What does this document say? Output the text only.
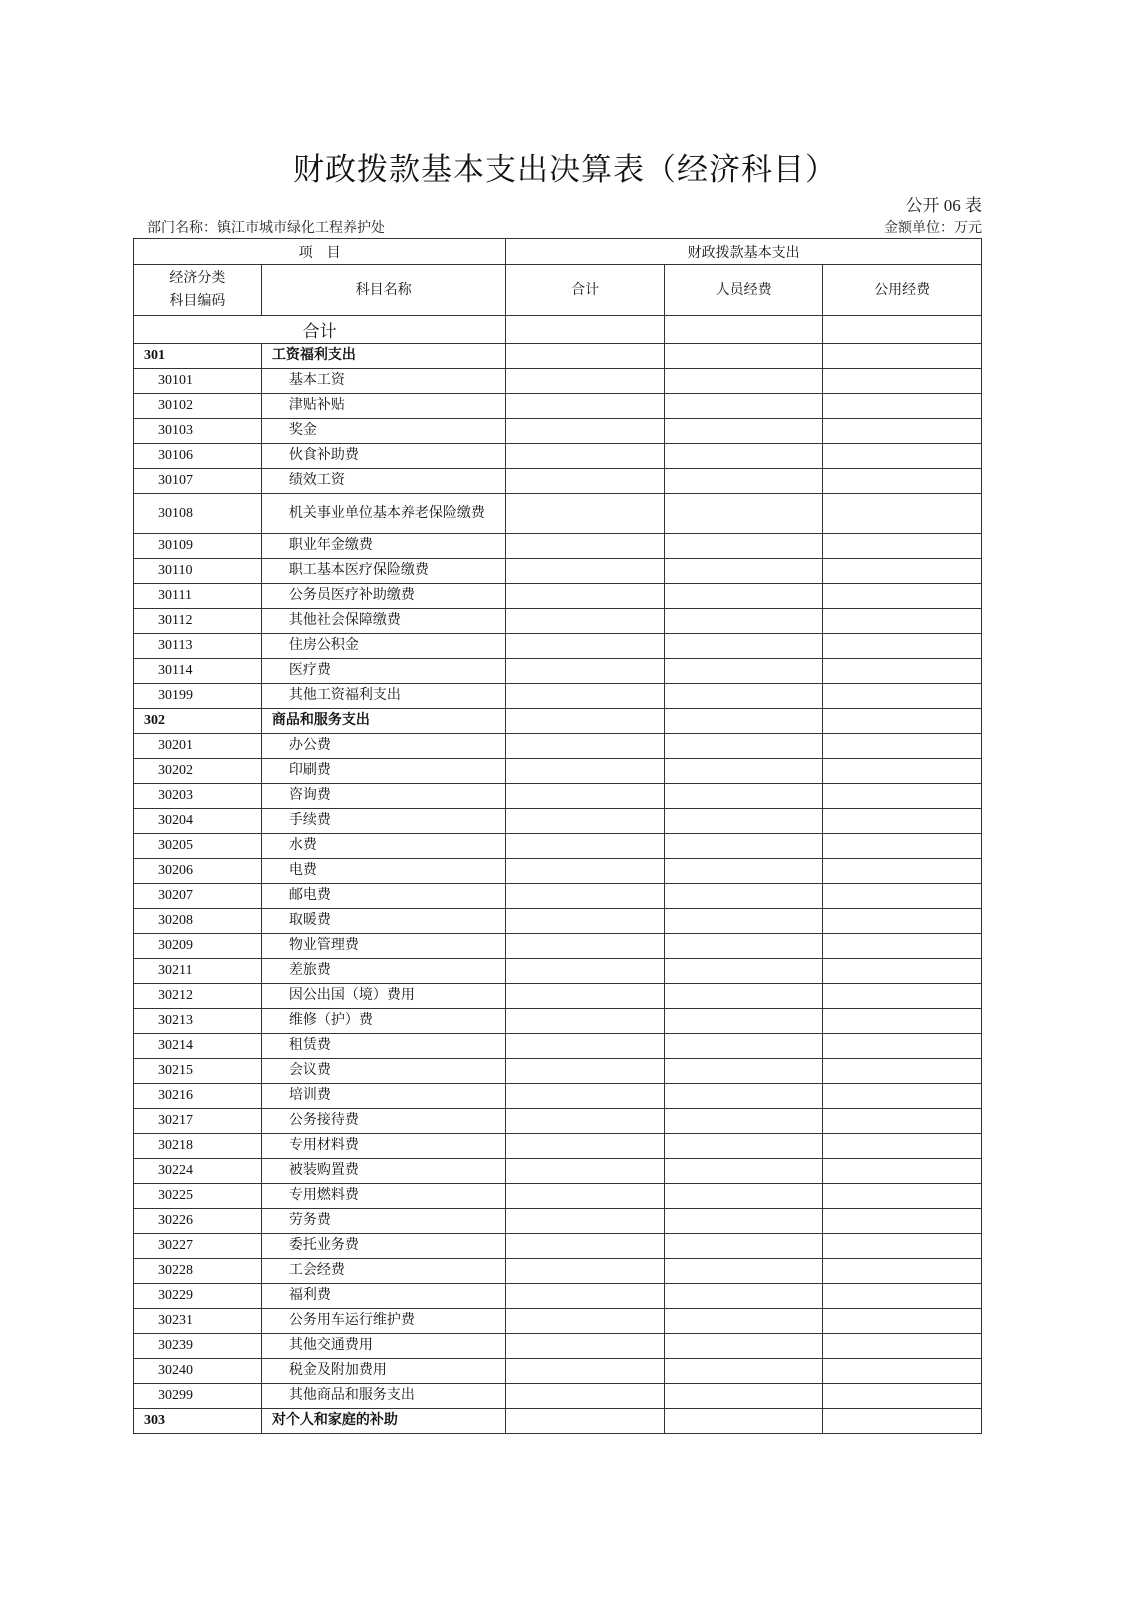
财政拨款基本支出决算表（经济科目）
公开 06 表
部门名称：镇江市城市绿化工程养护处	金额单位：万元
项　目		财政拨款基本支出		

经济分类
科目编码	科目名称	合计	人员经费	公用经费
合计				
301	工资福利支出			
30101	基本工资			
30102	津贴补贴			
30103	奖金			
30106	伙食补助费			
30107	绩效工资			
30108	机关事业单位基本养老保险缴费			
30109	职业年金缴费			
30110	职工基本医疗保险缴费			
30111	公务员医疗补助缴费			
30112	其他社会保障缴费			
30113	住房公积金			
30114	医疗费			
30199	其他工资福利支出			
302	商品和服务支出			
30201	办公费			
30202	印刷费			
30203	咨询费			
30204	手续费			
30205	水费			
30206	电费			
30207	邮电费			
30208	取暖费			
30209	物业管理费			
30211	差旅费			
30212	因公出国（境）费用			
30213	维修（护）费			
30214	租赁费			
30215	会议费			
30216	培训费			
30217	公务接待费			
30218	专用材料费			
30224	被装购置费			
30225	专用燃料费			
30226	劳务费			
30227	委托业务费			
30228	工会经费			
30229	福利费			
30231	公务用车运行维护费			
30239	其他交通费用			
30240	税金及附加费用			
30299	其他商品和服务支出			
303	对个人和家庭的补助			
